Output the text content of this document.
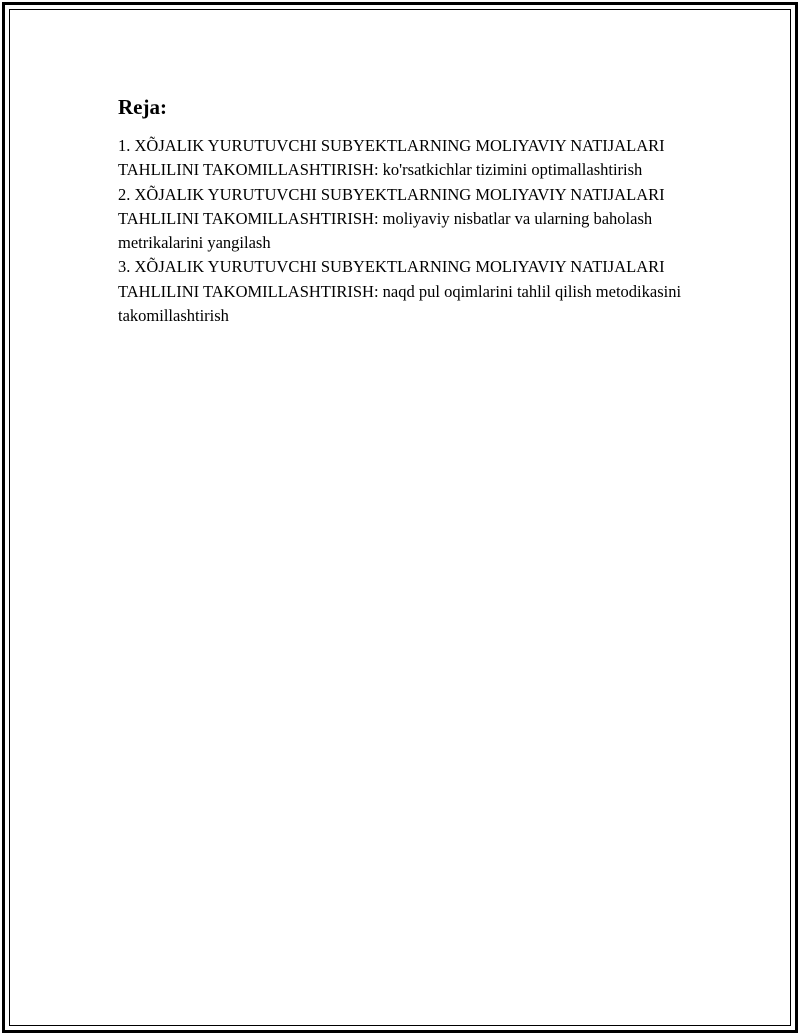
Reja:

1. XÕJALIK YURUTUVCHI SUBYEKTLARNING MOLIYAVIY NATIJALARI TAHLILINI TAKOMILLASHTIRISH: ko'rsatkichlar tizimini optimallashtirish

2. XÕJALIK YURUTUVCHI SUBYEKTLARNING MOLIYAVIY NATIJALARI TAHLILINI TAKOMILLASHTIRISH: moliyaviy nisbatlar va ularning baholash metrikalarini yangilash

3. XÕJALIK YURUTUVCHI SUBYEKTLARNING MOLIYAVIY NATIJALARI TAHLILINI TAKOMILLASHTIRISH: naqd pul oqimlarini tahlil qilish metodikasini takomillashtirish
